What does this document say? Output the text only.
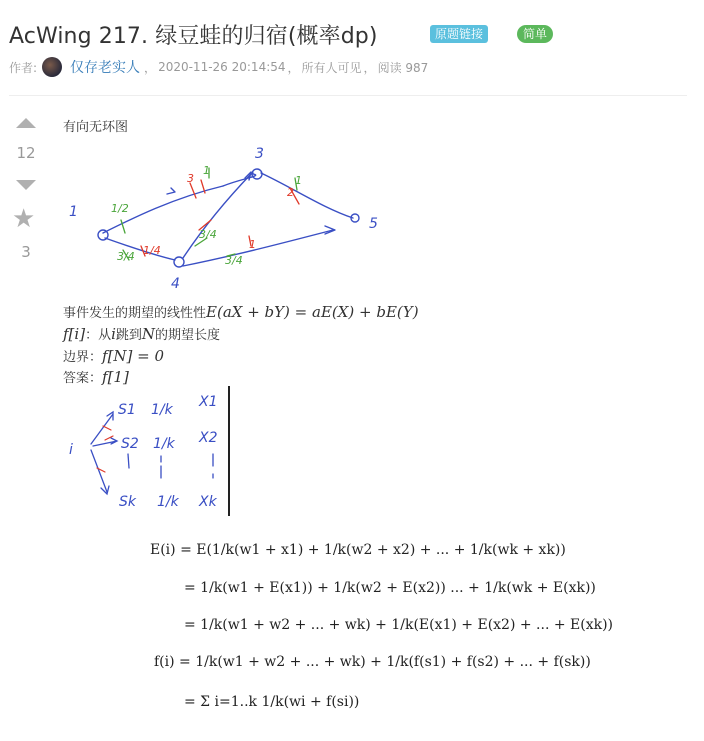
AcWing 217. 绿豆蛙的归宿(概率dp)	原题链接	简单
作者: 仅存老实人 ， 2020-11-26 20:14:54 ， 所有人可见 ， 阅读 987
12
★
3
有向无环图
1
4
3
5
1/2
3/4
3
1
3/4
1
3/4
2
1/4
1
事件发生的期望的线性性E(aX + bY) = aE(X) + bE(Y)
f[i]：从i跳到N的期望长度
边界：f[N] = 0
答案：f[1]
i
S1
S2
Sk
1/k
1/k
1/k
X1
X2
Xk
E(i) = E(1/k(w1 + x1) + 1/k(w2 + x2) + ... + 1/k(wk + xk))
= 1/k(w1 + E(x1)) + 1/k(w2 + E(x2)) ... + 1/k(wk + E(xk))
= 1/k(w1 + w2 + ... + wk) + 1/k(E(x1) + E(x2) + ... + E(xk))
f(i) = 1/k(w1 + w2 + ... + wk) + 1/k(f(s1) + f(s2) + ... + f(sk))
= Σ i=1..k 1/k(wi + f(si))
